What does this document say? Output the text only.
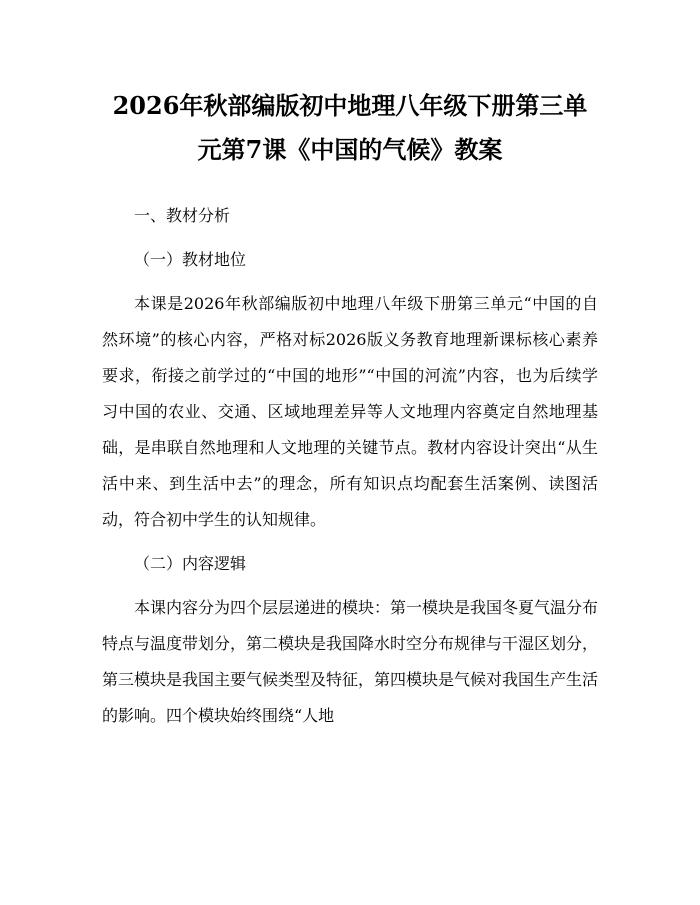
2026年秋部编版初中地理八年级下册第三单
元第7课《中国的气候》教案

一、教材分析

（一）教材地位

本课是2026年秋部编版初中地理八年级下册第三单元“中国的自然环境”的核心内容，严格对标2026版义务教育地理新课标核心素养要求，衔接之前学过的“中国的地形”“中国的河流”内容，也为后续学习中国的农业、交通、区域地理差异等人文地理内容奠定自然地理基础，是串联自然地理和人文地理的关键节点。教材内容设计突出“从生活中来、到生活中去”的理念，所有知识点均配套生活案例、读图活动，符合初中学生的认知规律。

（二）内容逻辑

本课内容分为四个层层递进的模块：第一模块是我国冬夏气温分布特点与温度带划分，第二模块是我国降水时空分布规律与干湿区划分，第三模块是我国主要气候类型及特征，第四模块是气候对我国生产生活的影响。四个模块始终围绕“人地
